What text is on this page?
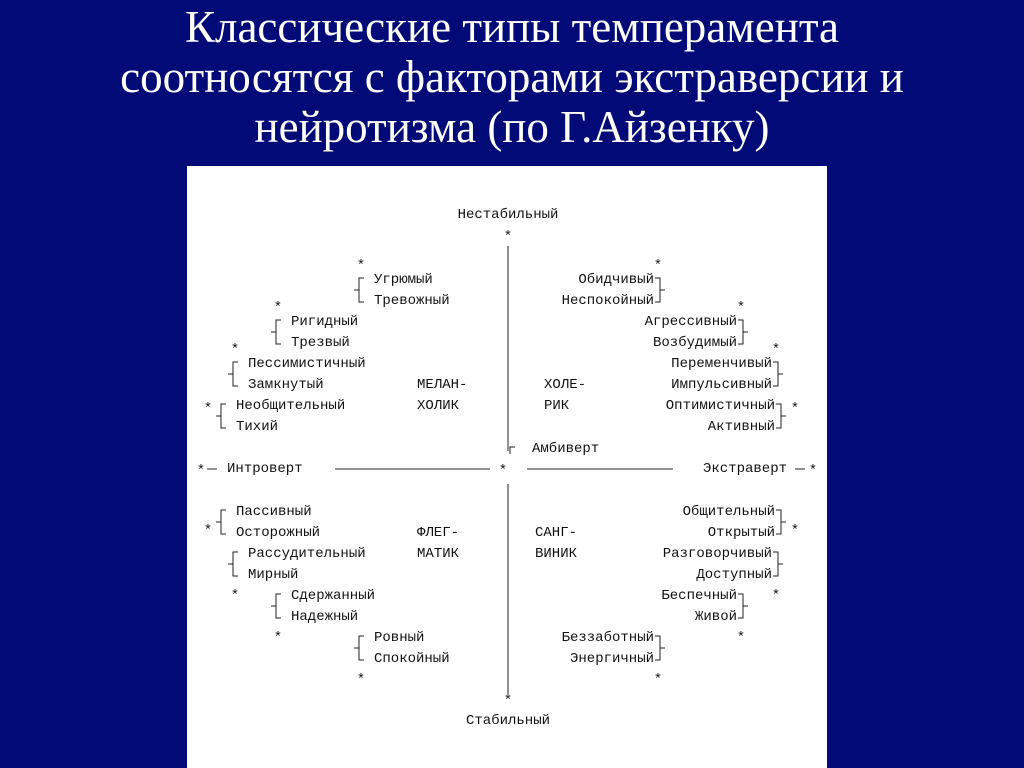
Классические типы темперамента
соотносятся с факторами экстраверсии и
нейротизма (по Г.Айзенку)
Нестабильный
Стабильный
Интроверт	Экстраверт
Амбиверт
*
*
*	*
*
МЕЛАН-
ХОЛИК
ХОЛЕ-
РИК
ФЛЕГ-
МАТИК
САНГ-
ВИНИК
Угрюмый
Тревожный
*
Ригидный
Трезвый
*
Пессимистичный
Замкнутый
*
Необщительный
Тихий
*
Обидчивый
Неспокойный
*
Агрессивный
Возбудимый
*
Переменчивый
Импульсивный
*
Оптимистичный
Активный
*
Пассивный
Осторожный
*
Рассудительный
Мирный
*	Сдержанный
Надежный
*	Ровный
Спокойный
*
Общительный
Открытый *
Разговорчивый
Доступный
*
Беспечный
Живой
*
Беззаботный
Энергичный
*
